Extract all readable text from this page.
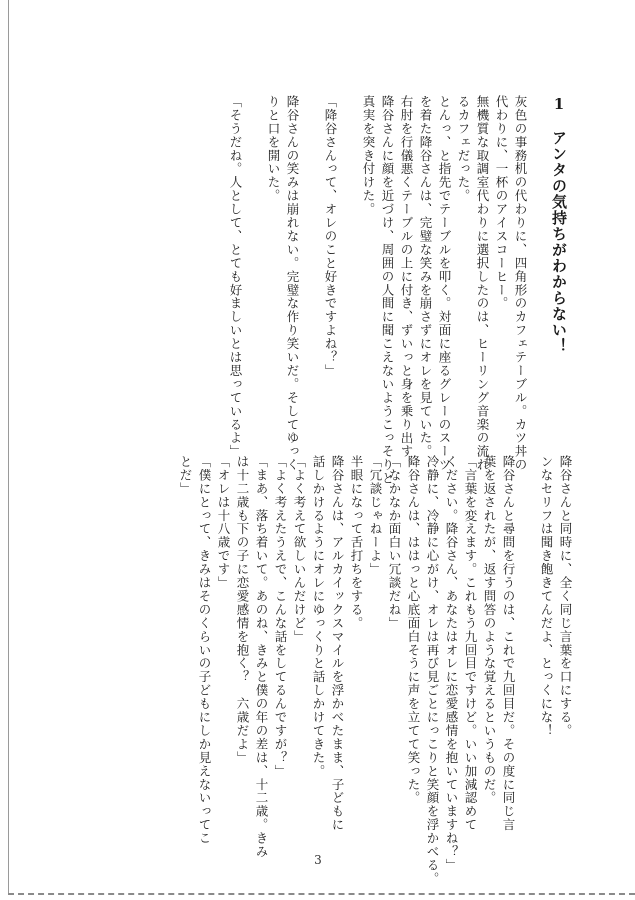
1　アンタの気持ちがわからない！
灰色の事務机の代わりに、四角形のカフェテーブル。カツ丼の
代わりに、一杯のアイスコーヒー。
無機質な取調室代わりに選択したのは、ヒーリング音楽の流れ
るカフェだった。
とんっ、と指先でテーブルを叩く。対面に座るグレーのスーツ
を着た降谷さんは、完璧な笑みを崩さずにオレを見ていた。
右肘を行儀悪くテーブルの上に付き、ずいっと身を乗り出す。
降谷さんに顔を近づけ、周囲の人間に聞こえないようこっそりと
真実を突き付けた。
「降谷さんって、オレのこと好きですよね？」
降谷さんの笑みは崩れない。完璧な作り笑いだ。そしてゆっく
りと口を開いた。
「そうだね。人として、とても好ましいとは思っているよ」
降谷さんと同時に、全く同じ言葉を口にする。
ンなセリフは聞き飽きてんだよ、とっくにな！
降谷さんと尋問を行うのは、これで九回目だ。その度に同じ言
葉を返されたが、返す問答のような覚えるというものだ。
「言葉を変えます。これもう九回目ですけど。いい加減認めて
ください。降谷さん、あなたはオレに恋愛感情を抱いていますね？」
冷静に、冷静に心がけ、オレは再び見ごとにっこりと笑顔を浮かべる。
降谷さんは、ははっと心底面白そうに声を立てて笑った。
「なかなか面白い冗談だね」
「冗談じゃねーよ」
半眼になって舌打ちをする。
降谷さんは、アルカイックスマイルを浮かべたまま、子どもに
話しかけるようにオレにゆっくりと話しかけてきた。
「よく考えて欲しいんだけど」
「よく考えたうえで、こんな話をしてるんですが？」
「まあ、落ち着いて。あのね、きみと僕の年の差は、十二歳。きみ
は十二歳も下の子に恋愛感情を抱く？　六歳だよ」
「オレは十八歳です」
「僕にとって、きみはそのくらいの子どもにしか見えないってこ
とだ」
3
